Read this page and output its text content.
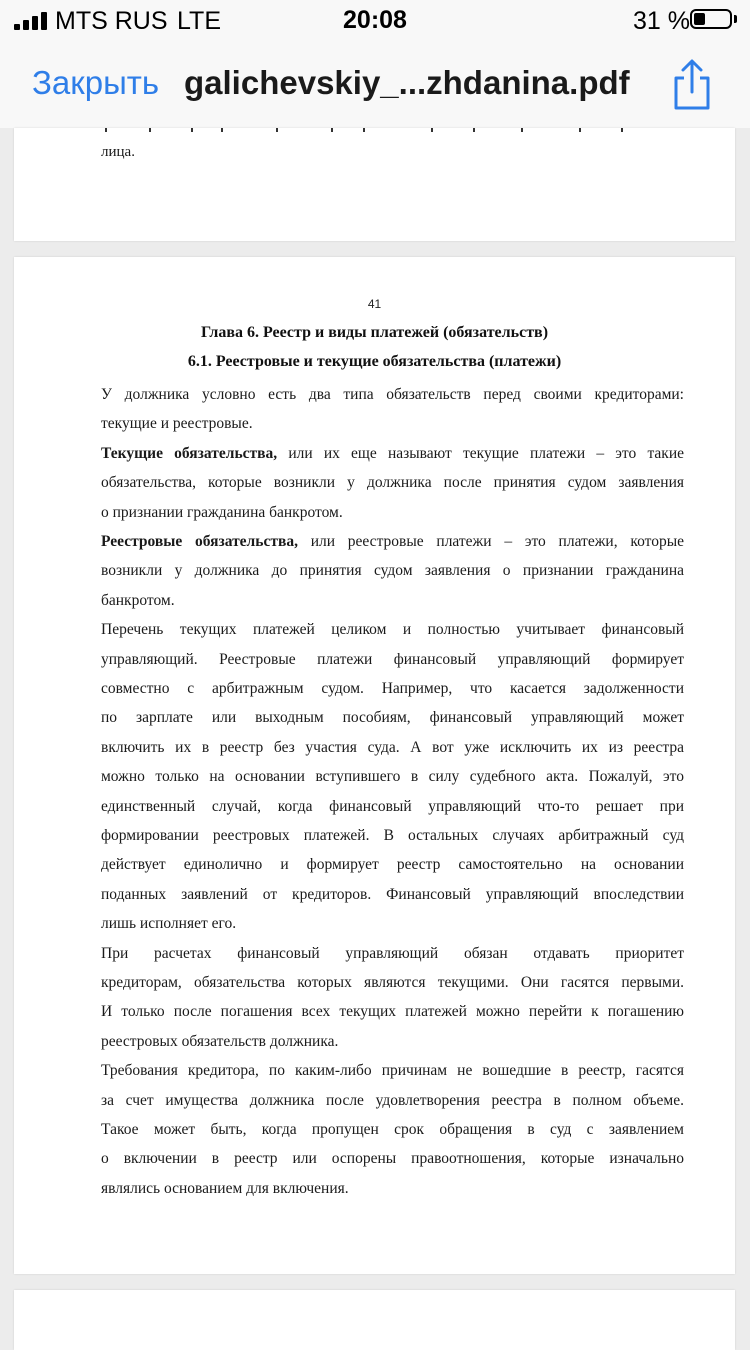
MTS RUS LTE	20:08	31 %
Закрыть galichevskiy_...zhdanina.pdf
лица.
41
Глава 6. Реестр и виды платежей (обязательств)
6.1. Реестровые и текущие обязательства (платежи)
У должника условно есть два типа обязательств перед своими кредиторами:
текущие и реестровые.
Текущие обязательства, или их еще называют текущие платежи – это такие
обязательства, которые возникли у должника после принятия судом заявления
о признании гражданина банкротом.
Реестровые обязательства, или реестровые платежи – это платежи, которые
возникли у должника до принятия судом заявления о признании гражданина
банкротом.
Перечень текущих платежей целиком и полностью учитывает финансовый
управляющий. Реестровые платежи финансовый управляющий формирует
совместно с арбитражным судом. Например, что касается задолженности
по зарплате или выходным пособиям, финансовый управляющий может
включить их в реестр без участия суда. А вот уже исключить их из реестра
можно только на основании вступившего в силу судебного акта. Пожалуй, это
единственный случай, когда финансовый управляющий что-то решает при
формировании реестровых платежей. В остальных случаях арбитражный суд
действует единолично и формирует реестр самостоятельно на основании
поданных заявлений от кредиторов. Финансовый управляющий впоследствии
лишь исполняет его.
При расчетах финансовый управляющий обязан отдавать приоритет
кредиторам, обязательства которых являются текущими. Они гасятся первыми.
И только после погашения всех текущих платежей можно перейти к погашению
реестровых обязательств должника.
Требования кредитора, по каким-либо причинам не вошедшие в реестр, гасятся
за счет имущества должника после удовлетворения реестра в полном объеме.
Такое может быть, когда пропущен срок обращения в суд с заявлением
о включении в реестр или оспорены правоотношения, которые изначально
являлись основанием для включения.
